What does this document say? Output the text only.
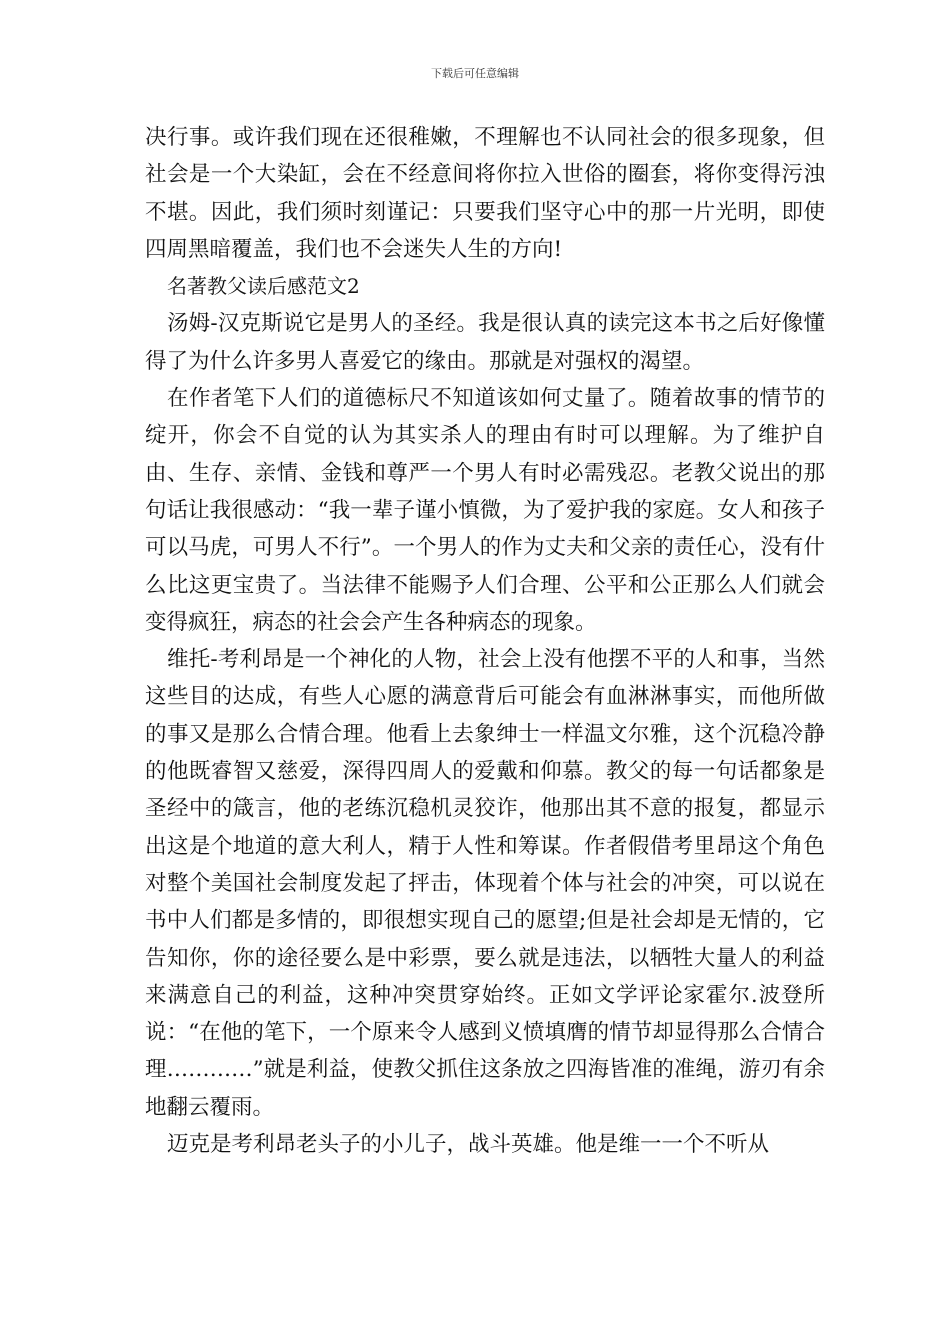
下载后可任意编辑

决行事。或许我们现在还很稚嫩，不理解也不认同社会的很多现象，但社会是一个大染缸，会在不经意间将你拉入世俗的圈套，将你变得污浊不堪。因此，我们须时刻谨记：只要我们坚守心中的那一片光明，即使四周黑暗覆盖，我们也不会迷失人生的方向!

名著教父读后感范文2

汤姆-汉克斯说它是男人的圣经。我是很认真的读完这本书之后好像懂得了为什么许多男人喜爱它的缘由。那就是对强权的渴望。

在作者笔下人们的道德标尺不知道该如何丈量了。随着故事的情节的绽开，你会不自觉的认为其实杀人的理由有时可以理解。为了维护自由、生存、亲情、金钱和尊严一个男人有时必需残忍。老教父说出的那句话让我很感动：“我一辈子谨小慎微，为了爱护我的家庭。女人和孩子可以马虎，可男人不行”。一个男人的作为丈夫和父亲的责任心，没有什么比这更宝贵了。当法律不能赐予人们合理、公平和公正那么人们就会变得疯狂，病态的社会会产生各种病态的现象。

维托-考利昂是一个神化的人物，社会上没有他摆不平的人和事，当然这些目的达成，有些人心愿的满意背后可能会有血淋淋事实，而他所做的事又是那么合情合理。他看上去象绅士一样温文尔雅，这个沉稳冷静的他既睿智又慈爱，深得四周人的爱戴和仰慕。教父的每一句话都象是圣经中的箴言，他的老练沉稳机灵狡诈，他那出其不意的报复，都显示出这是个地道的意大利人，精于人性和筹谋。作者假借考里昂这个角色对整个美国社会制度发起了抨击，体现着个体与社会的冲突，可以说在书中人们都是多情的，即很想实现自己的愿望;但是社会却是无情的，它告知你，你的途径要么是中彩票，要么就是违法，以牺牲大量人的利益来满意自己的利益，这种冲突贯穿始终。正如文学评论家霍尔.波登所说：“在他的笔下，一个原来令人感到义愤填膺的情节却显得那么合情合理…………”就是利益，使教父抓住这条放之四海皆准的准绳，游刃有余地翻云覆雨。

迈克是考利昂老头子的小儿子，战斗英雄。他是维一一个不听从
